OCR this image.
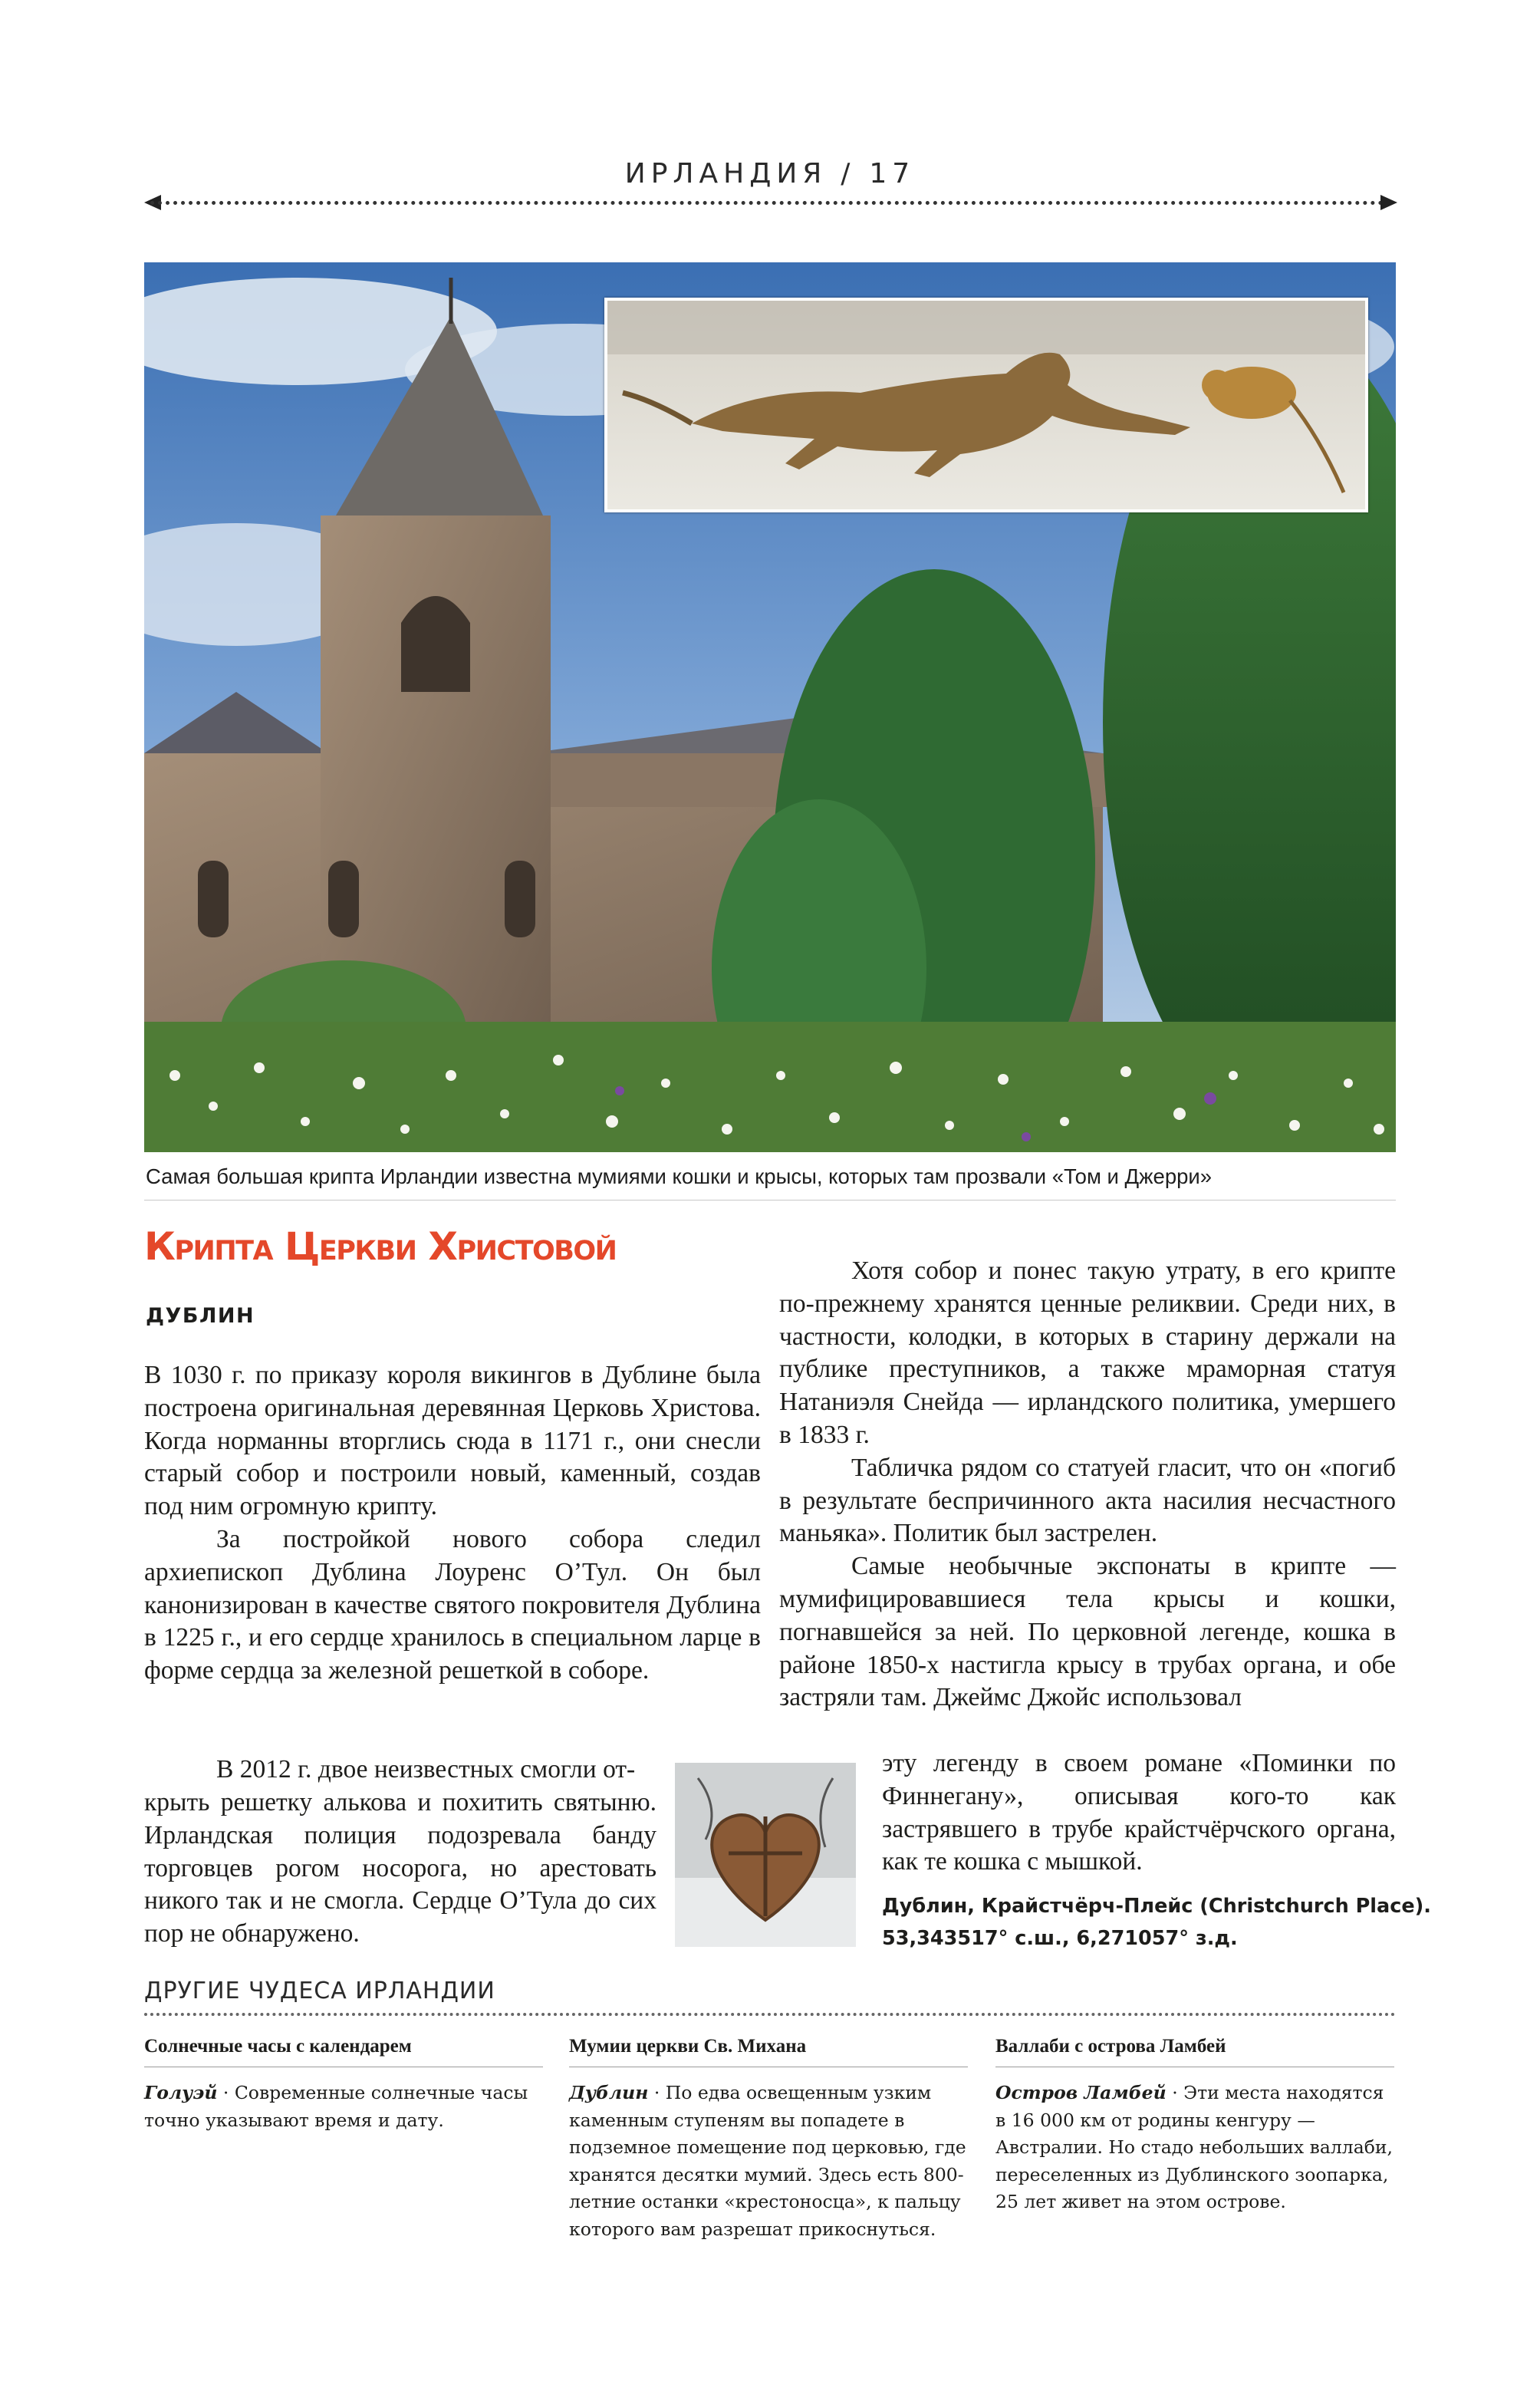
ИРЛАНДИЯ / 17
Самая большая крипта Ирландии известна мумиями кошки и крысы, которых там прозвали «Том и Джерри»
Крипта Церкви Христовой
ДУБЛИН

В 1030 г. по приказу короля викингов в Дублине была построена оригинальная деревянная Церковь Христова. Когда норманны вторглись сюда в 1171 г., они снесли старый собор и построили новый, каменный, создав под ним огромную крипту.

За постройкой нового собора следил архиепископ Дублина Лоуренс О’Тул. Он был канонизирован в качестве святого покровителя Дублина в 1225 г., и его сердце хранилось в специальном ларце в форме сердца за железной решеткой в соборе.

В 2012 г. двое неизвестных смогли от-

крыть решетку алькова и похитить святыню. Ирландская полиция подозревала банду торговцев рогом носорога, но арестовать никого так и не смогла. Сердце О’Тула до сих пор не обнаружено.

Хотя собор и понес такую утрату, в его крипте по-прежнему хранятся ценные реликвии. Среди них, в частности, колодки, в которых в старину держали на публике преступников, а также мраморная статуя Натаниэля Снейда — ирландского политика, умершего в 1833 г.

Табличка рядом со статуей гласит, что он «погиб в результате беспричинного акта насилия несчастного маньяка». Политик был застрелен.

Самые необычные экспонаты в крипте — мумифицировавшиеся тела крысы и кошки, погнавшейся за ней. По церковной легенде, кошка в районе 1850-х настигла крысу в трубах органа, и обе застряли там. Джеймс Джойс использовал

эту легенду в своем романе «Поминки по Финнегану», описывая кого-то как застрявшего в трубе крайстчёрчского органа, как те кошка с мышкой.

Дублин, Крайстчёрч-Плейс (Christchurch Place).
53,343517° с.ш., 6,271057° з.д.
ДРУГИЕ ЧУДЕСА ИРЛАНДИИ
Солнечные часы с календарем

Голуэй · Современные солнечные часы точно указывают время и дату.

Мумии церкви Св. Михана

Дублин · По едва освещенным узким каменным ступеням вы попадете в подземное помещение под церковью, где хранятся десятки мумий. Здесь есть 800-летние останки «крестоносца», к пальцу которого вам разрешат прикоснуться.

Валлаби с острова Ламбей

Остров Ламбей · Эти места находятся в 16 000 км от родины кенгуру — Австралии. Но стадо небольших валлаби, переселенных из Дублинского зоопарка, 25 лет живет на этом острове.
